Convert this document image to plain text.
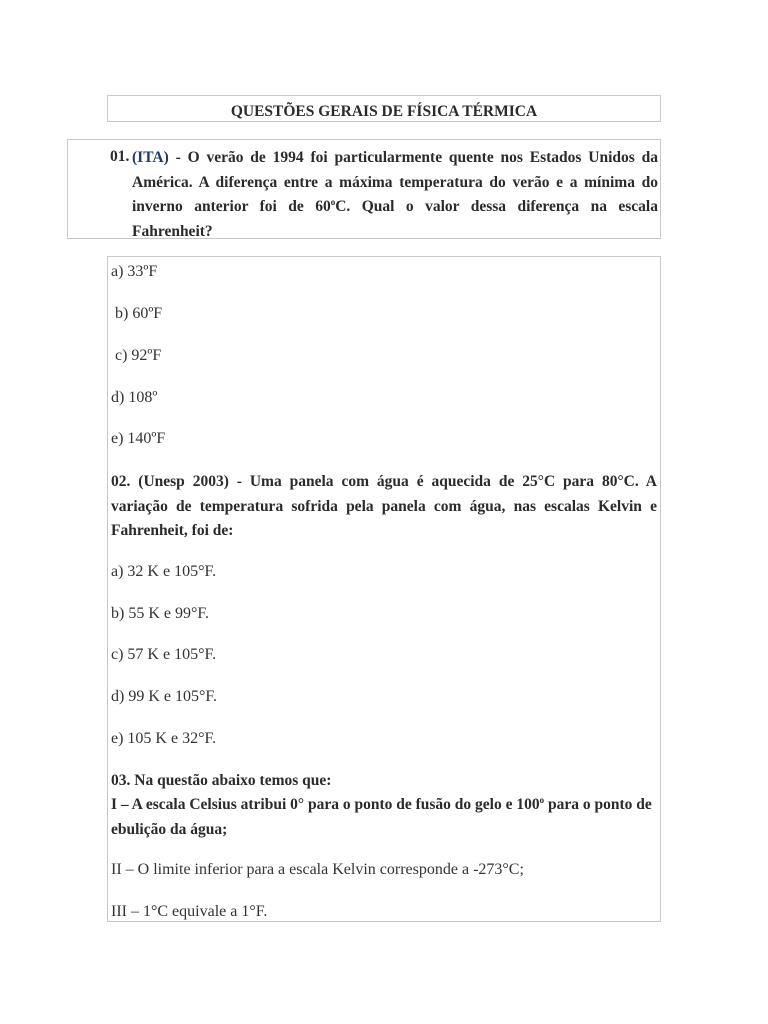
QUESTÕES GERAIS DE FÍSICA TÉRMICA
01. (ITA) - O verão de 1994 foi particularmente quente nos Estados Unidos da América. A diferença entre a máxima temperatura do verão e a mínima do inverno anterior foi de 60$^o$C. Qual o valor dessa diferença na escala Fahrenheit?

a) 33ºF
b) 60ºF
c) 92ºF
d) 108º
e) 140ºF

02. (Unesp 2003) - Uma panela com água é aquecida de 25°C para 80°C. A variação de temperatura sofrida pela panela com água, nas escalas Kelvin e Fahrenheit, foi de:

a) 32 K e 105°F.
b) 55 K e 99°F.
c) 57 K e 105°F.
d) 99 K e 105°F.
e) 105 K e 32°F.

03. Na questão abaixo temos que:

I – A escala Celsius atribui 0° para o ponto de fusão do gelo e 100$^o$ para o ponto de ebulição da água;

II – O limite inferior para a escala Kelvin corresponde a -273°C;
III – 1°C equivale a 1°F.
